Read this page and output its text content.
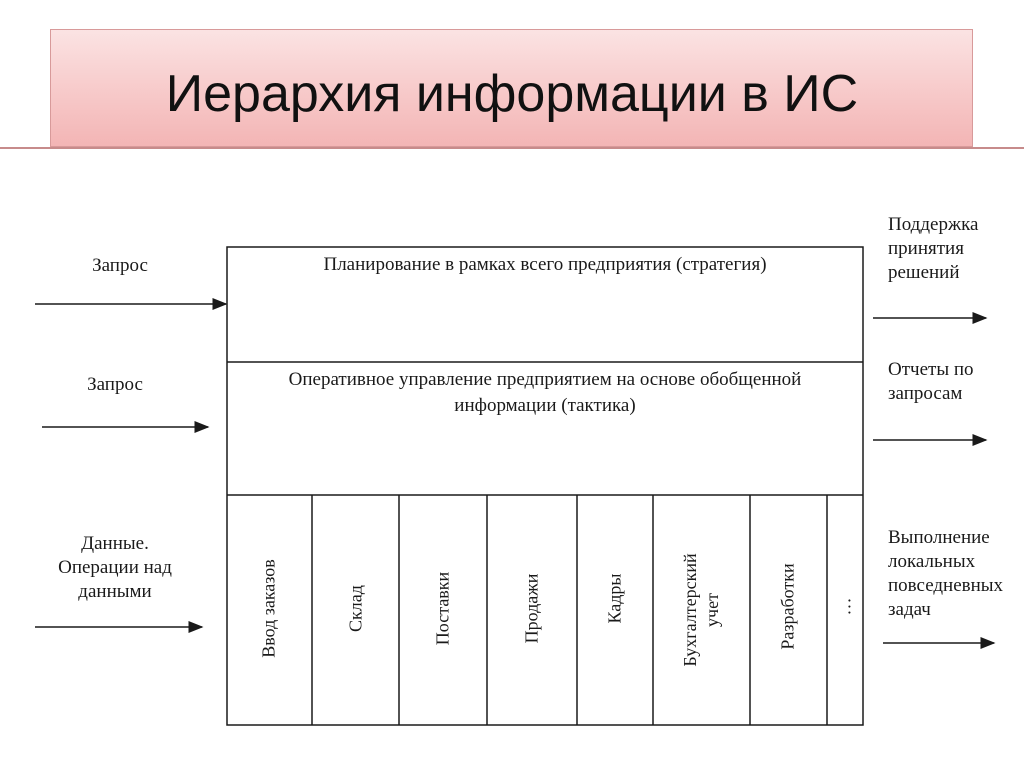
Иерархия информации в ИС
Запрос
Запрос
Данные.
Операции над
данными
Поддержка
принятия
решений
Отчеты по
запросам
Выполнение
локальных
повседневных
задач
Планирование в рамках всего предприятия (стратегия)
Оперативное управление предприятием на основе обобщенной
информации (тактика)
Ввод заказов	Склад	Поставки	Продажи	Кадры	Бухгалтерский учет	Разработки …
